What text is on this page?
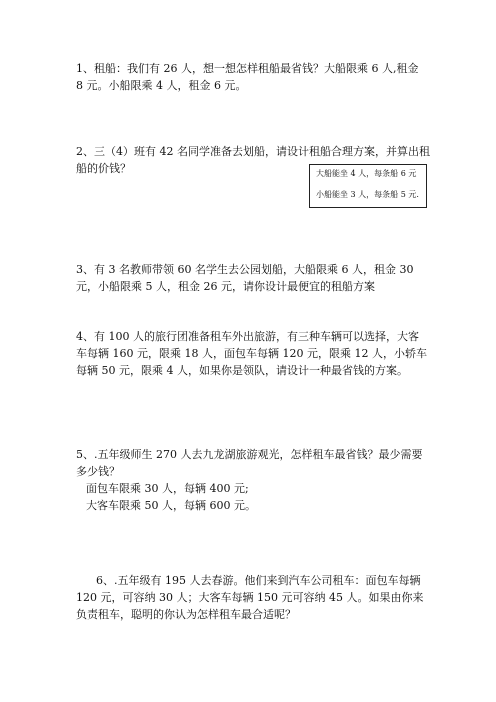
1、租船：我们有 26 人，想一想怎样租船最省钱？大船限乘 6 人,租金 8 元。小船限乘 4 人，租金 6 元。

2、三（4）班有 42 名同学准备去划船，请设计租船合理方案，并算出租船的价钱？	大船能坐 4 人，每条船 6 元

小船能坐 3 人，每条船 5 元.

3、有 3 名教师带领 60 名学生去公园划船，大船限乘 6 人，租金 30 元，小船限乘 5 人，租金 26 元，请你设计最便宜的租船方案

4、有 100 人的旅行团准备租车外出旅游，有三种车辆可以选择，大客车每辆 160 元，限乘 18 人，面包车每辆 120 元，限乘 12 人，小轿车每辆 50 元，限乘 4 人，如果你是领队，请设计一种最省钱的方案。

5、.五年级师生 270 人去九龙湖旅游观光，怎样租车最省钱？最少需要多少钱？

面包车限乘 30 人，每辆 400 元;

大客车限乘 50 人，每辆 600 元。

6、.五年级有 195 人去春游。他们来到汽车公司租车：面包车每辆 120 元，可容纳 30 人；大客车每辆 150 元可容纳 45 人。如果由你来负责租车，聪明的你认为怎样租车最合适呢？
